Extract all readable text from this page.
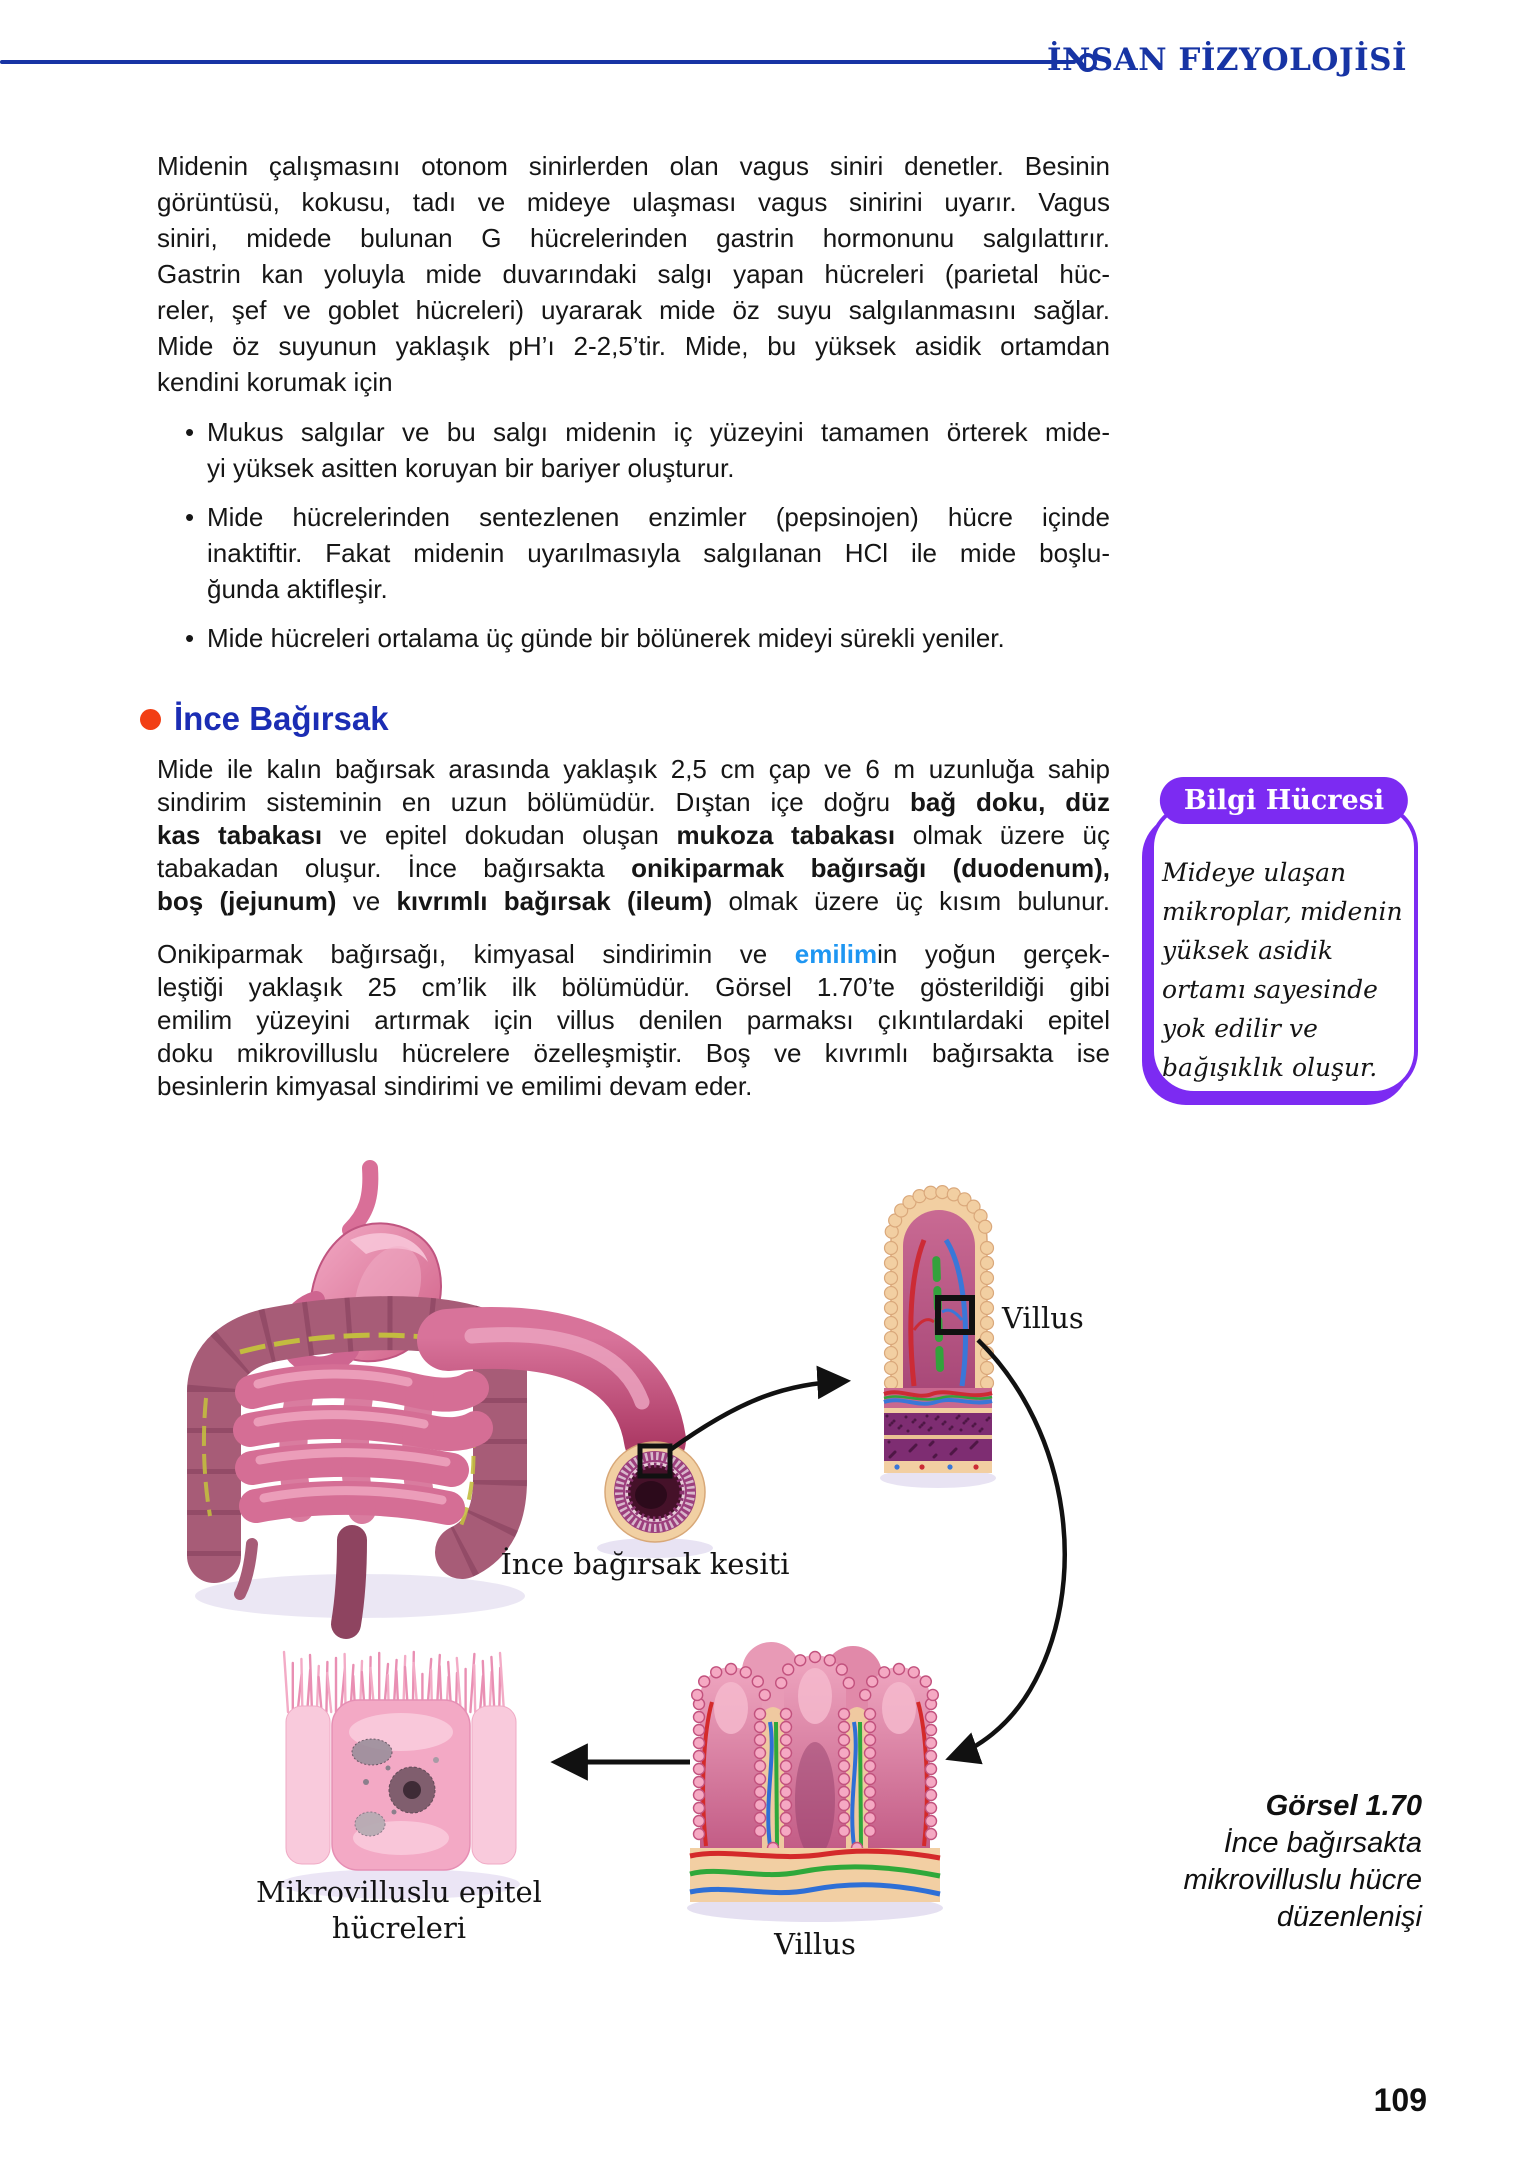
İNSAN FİZYOLOJİSİ
Midenin çalışmasını otonom sinirlerden olan vagus siniri denetler. Besinin
görüntüsü, kokusu, tadı ve mideye ulaşması vagus sinirini uyarır. Vagus
siniri, midede bulunan G hücrelerinden gastrin hormonunu salgılattırır.
Gastrin kan yoluyla mide duvarındaki salgı yapan hücreleri (parietal hüc-
reler, şef ve goblet hücreleri) uyararak mide öz suyu salgılanmasını sağlar.
Mide öz suyunun yaklaşık pH’ı 2-2,5’tir. Mide, bu yüksek asidik ortamdan
kendini korumak için
• Mukus salgılar ve bu salgı midenin iç yüzeyini tamamen örterek mide-
yi yüksek asitten koruyan bir bariyer oluşturur.
• Mide hücrelerinden sentezlenen enzimler (pepsinojen) hücre içinde
inaktiftir. Fakat midenin uyarılmasıyla salgılanan HCl ile mide boşlu-
ğunda aktifleşir.
• Mide hücreleri ortalama üç günde bir bölünerek mideyi sürekli yeniler.
İnce Bağırsak
Mide ile kalın bağırsak arasında yaklaşık 2,5 cm çap ve 6 m uzunluğa sahip
sindirim sisteminin en uzun bölümüdür. Dıştan içe doğru bağ doku, düz
kas tabakası ve epitel dokudan oluşan mukoza tabakası olmak üzere üç
tabakadan oluşur. İnce bağırsakta onikiparmak bağırsağı (duodenum),
boş (jejunum) ve kıvrımlı bağırsak (ileum) olmak üzere üç kısım bulunur.
Onikiparmak bağırsağı, kimyasal sindirimin ve emilimin yoğun gerçek-
leştiği yaklaşık 25 cm’lik ilk bölümüdür. Görsel 1.70’te gösterildiği gibi
emilim yüzeyini artırmak için villus denilen parmaksı çıkıntılardaki epitel
doku mikrovilluslu hücrelere özelleşmiştir. Boş ve kıvrımlı bağırsakta ise
besinlerin kimyasal sindirimi ve emilimi devam eder.
Bilgi Hücresi
Mideye ulaşan
mikroplar, midenin
yüksek asidik
ortamı sayesinde
yok edilir ve
bağışıklık oluşur.
İnce bağırsak kesiti
Villus
Villus
Mikrovilluslu epitel
hücreleri
Görsel 1.70
İnce bağırsakta
mikrovilluslu hücre
düzenlenişi
109
